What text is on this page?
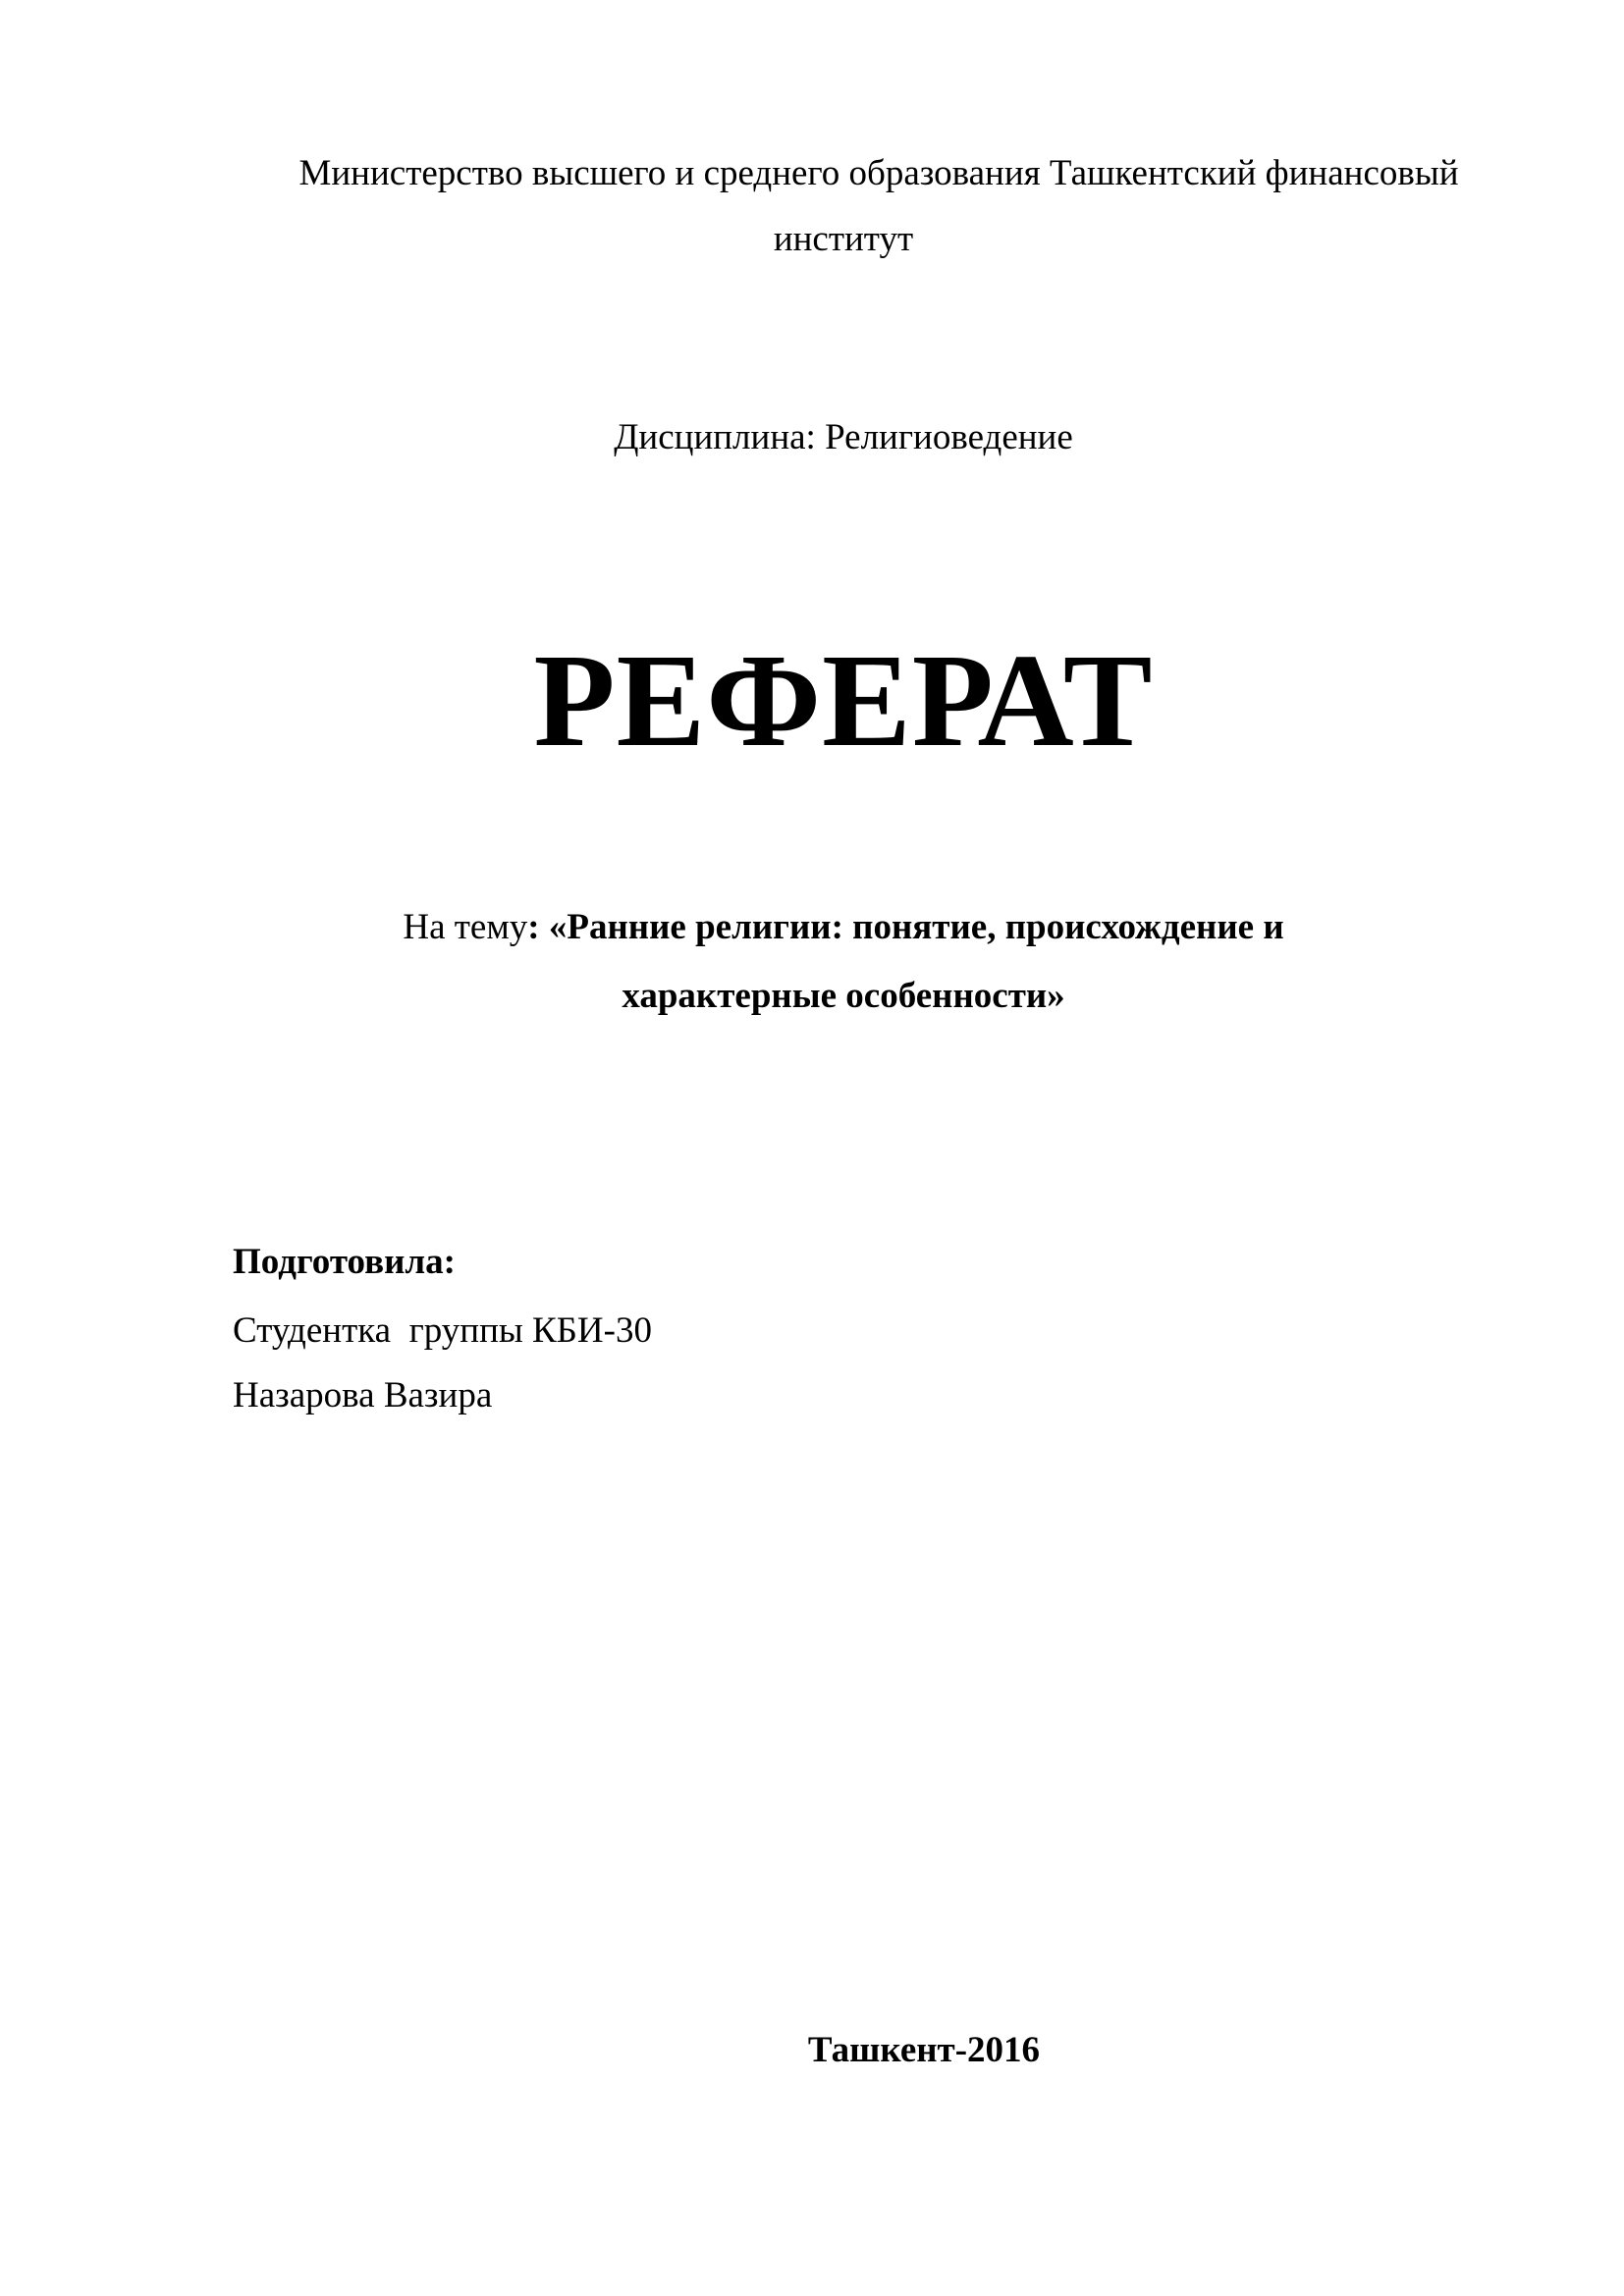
Министерство высшего и среднего образования Ташкентский финансовый
институт
Дисциплина: Религиоведение
РЕФЕРАТ
На тему: «Ранние религии: понятие, происхождение и
характерные особенности»
Подготовила:
Студентка  группы КБИ-30
Назарова Вазира
Ташкент-2016
